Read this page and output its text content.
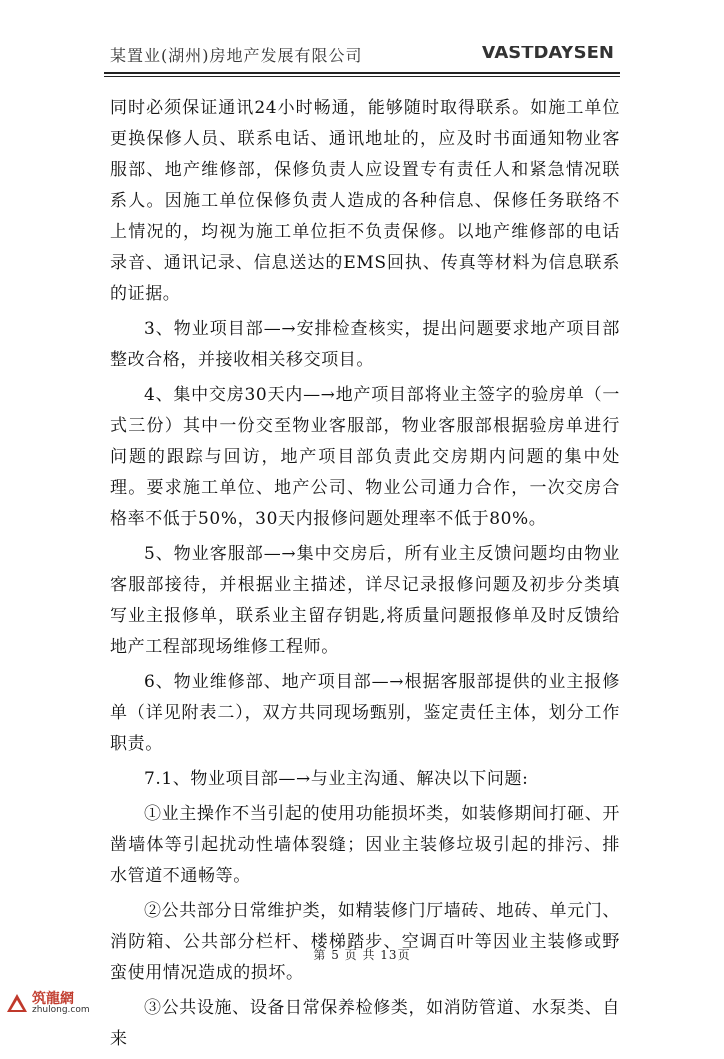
某置业(湖州)房地产发展有限公司	VASTDAYSEN

同时必须保证通讯24小时畅通，能够随时取得联系。如施工单位更换保修人员、联系电话、通讯地址的，应及时书面通知物业客服部、地产维修部，保修负责人应设置专有责任人和紧急情况联系人。因施工单位保修负责人造成的各种信息、保修任务联络不上情况的，均视为施工单位拒不负责保修。以地产维修部的电话录音、通讯记录、信息送达的EMS回执、传真等材料为信息联系的证据。

3、物业项目部—→安排检查核实，提出问题要求地产项目部整改合格，并接收相关移交项目。

4、集中交房30天内—→地产项目部将业主签字的验房单（一式三份）其中一份交至物业客服部，物业客服部根据验房单进行问题的跟踪与回访，地产项目部负责此交房期内问题的集中处理。要求施工单位、地产公司、物业公司通力合作，一次交房合格率不低于50%，30天内报修问题处理率不低于80%。

5、物业客服部—→集中交房后，所有业主反馈问题均由物业客服部接待，并根据业主描述，详尽记录报修问题及初步分类填写业主报修单，联系业主留存钥匙,将质量问题报修单及时反馈给地产工程部现场维修工程师。

6、物业维修部、地产项目部—→根据客服部提供的业主报修单（详见附表二），双方共同现场甄别，鉴定责任主体，划分工作职责。

7.1、物业项目部—→与业主沟通、解决以下问题:

①业主操作不当引起的使用功能损坏类，如装修期间打砸、开凿墙体等引起扰动性墙体裂缝；因业主装修垃圾引起的排污、排水管道不通畅等。

②公共部分日常维护类，如精装修门厅墙砖、地砖、单元门、消防箱、公共部分栏杆、楼梯踏步、空调百叶等因业主装修或野蛮使用情况造成的损坏。

③公共设施、设备日常保养检修类，如消防管道、水泵类、自来

第 5 页 共 13页
筑龍網
zhulong.com
